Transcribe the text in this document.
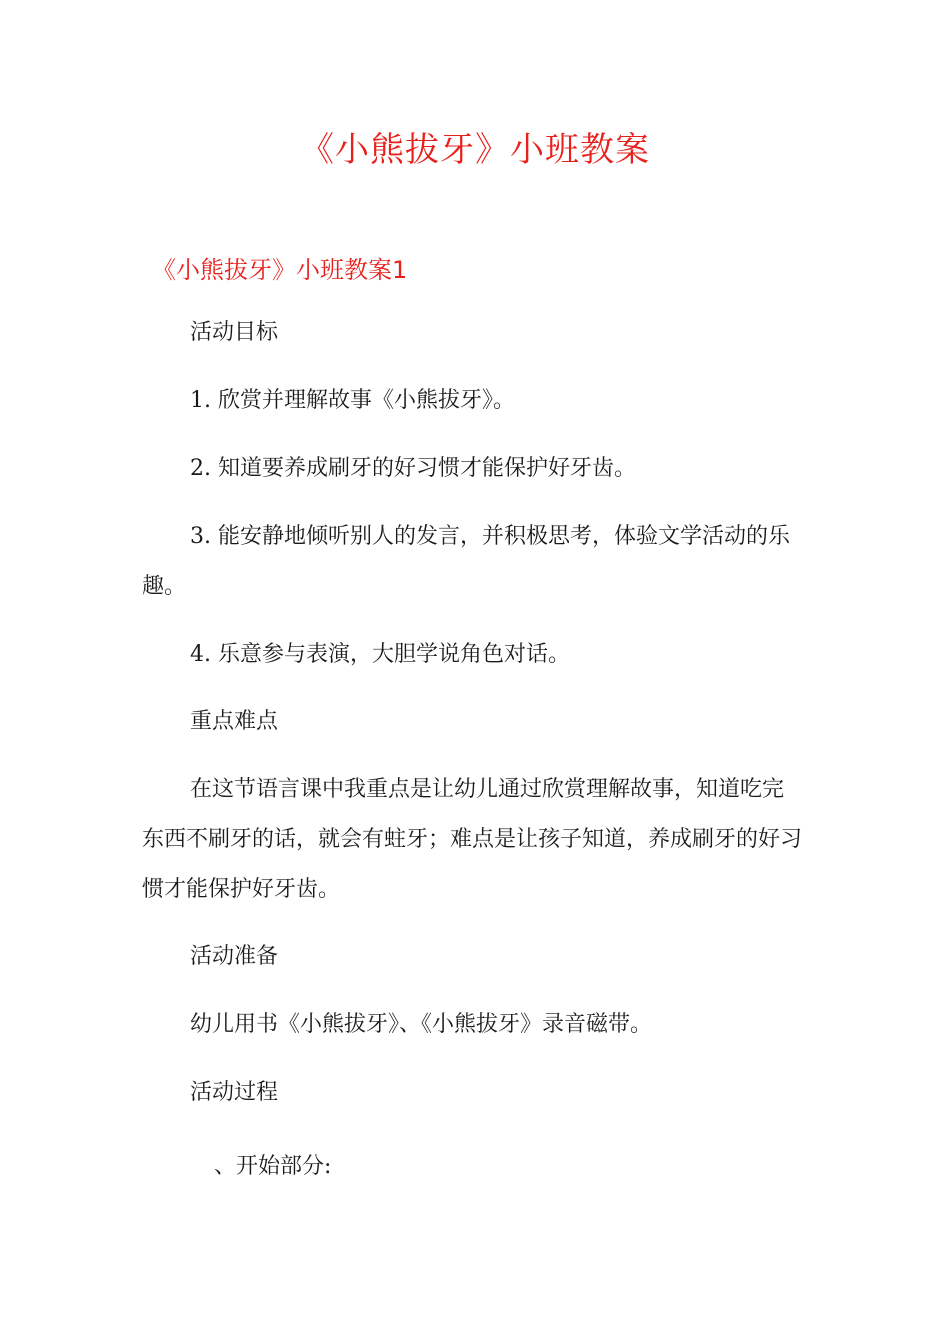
《小熊拔牙》小班教案
《小熊拔牙》小班教案1

活动目标

1. 欣赏并理解故事《小熊拔牙》。

2. 知道要养成刷牙的好习惯才能保护好牙齿。

3. 能安静地倾听别人的发言，并积极思考，体验文学活动的乐趣。

4. 乐意参与表演，大胆学说角色对话。

重点难点

在这节语言课中我重点是让幼儿通过欣赏理解故事，知道吃完东西不刷牙的话，就会有蛀牙；难点是让孩子知道，养成刷牙的好习惯才能保护好牙齿。

活动准备

幼儿用书《小熊拔牙》、《小熊拔牙》录音磁带。

活动过程

、开始部分:
